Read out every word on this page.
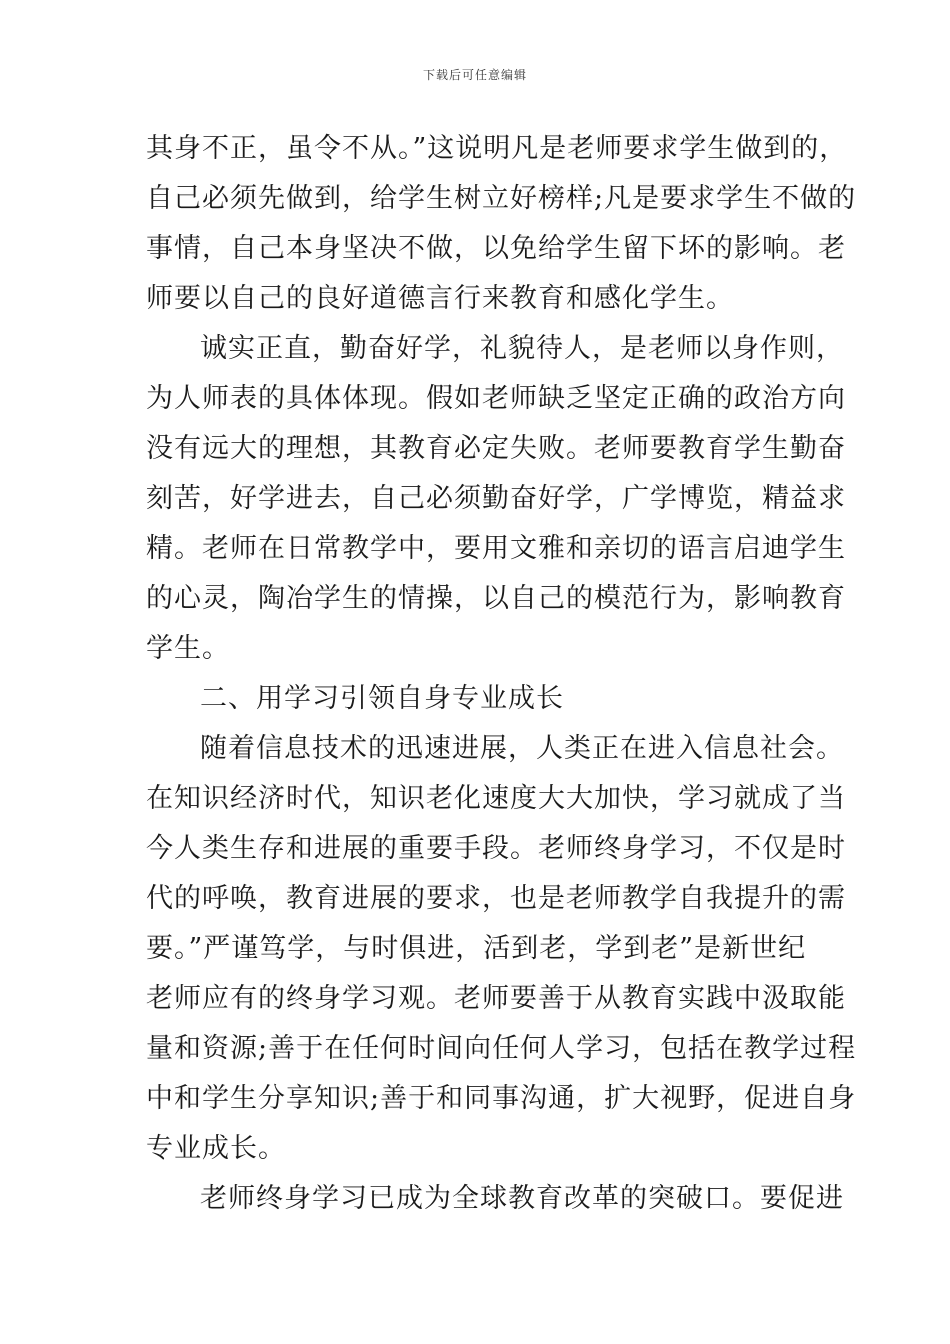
下载后可任意编辑
其身不正，虽令不从。”这说明凡是老师要求学生做到的，
自己必须先做到，给学生树立好榜样;凡是要求学生不做的
事情，自己本身坚决不做，以免给学生留下坏的影响。老
师要以自己的良好道德言行来教育和感化学生。
诚实正直，勤奋好学，礼貌待人，是老师以身作则，
为人师表的具体体现。假如老师缺乏坚定正确的政治方向
没有远大的理想，其教育必定失败。老师要教育学生勤奋
刻苦，好学进去，自己必须勤奋好学，广学博览，精益求
精。老师在日常教学中，要用文雅和亲切的语言启迪学生
的心灵，陶冶学生的情操，以自己的模范行为，影响教育
学生。
二、用学习引领自身专业成长
随着信息技术的迅速进展，人类正在进入信息社会。
在知识经济时代，知识老化速度大大加快，学习就成了当
今人类生存和进展的重要手段。老师终身学习，不仅是时
代的呼唤，教育进展的要求，也是老师教学自我提升的需
要。”严谨笃学，与时俱进，活到老，学到老”是新世纪
老师应有的终身学习观。老师要善于从教育实践中汲取能
量和资源;善于在任何时间向任何人学习，包括在教学过程
中和学生分享知识;善于和同事沟通，扩大视野，促进自身
专业成长。
老师终身学习已成为全球教育改革的突破口。要促进
